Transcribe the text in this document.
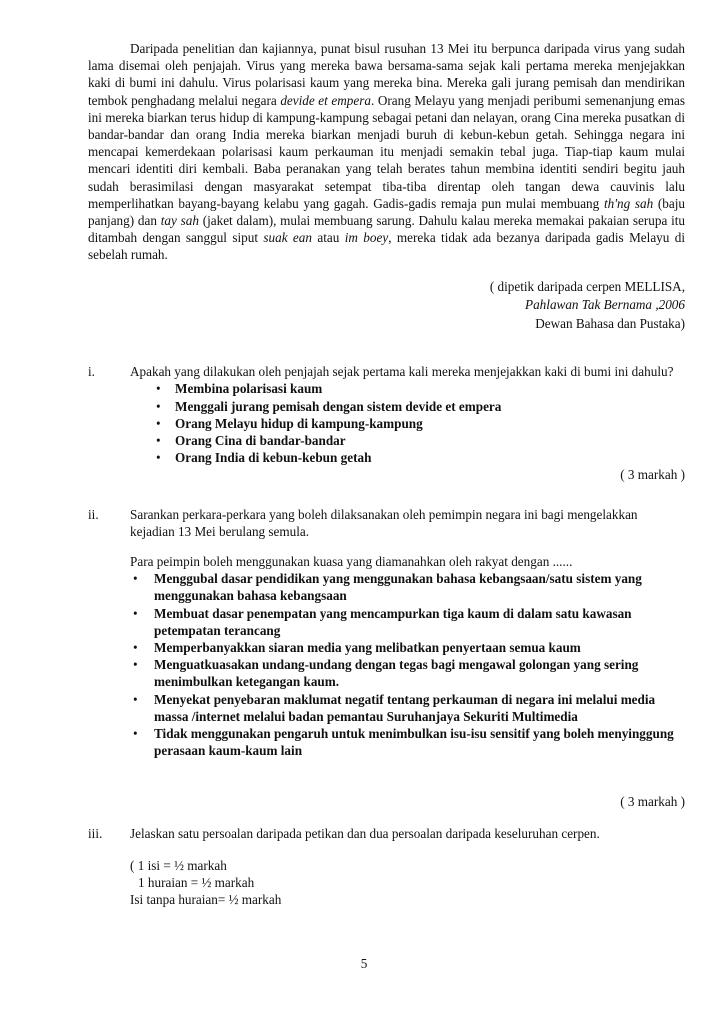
Daripada penelitian dan kajiannya, punat bisul rusuhan 13 Mei itu berpunca daripada virus yang sudah lama disemai oleh penjajah. Virus yang mereka bawa bersama-sama sejak kali pertama mereka menjejakkan kaki di bumi ini dahulu. Virus polarisasi kaum yang mereka bina. Mereka gali jurang pemisah dan mendirikan tembok penghadang melalui negara devide et empera. Orang Melayu yang menjadi peribumi semenanjung emas ini mereka biarkan terus hidup di kampung-kampung sebagai petani dan nelayan, orang Cina mereka pusatkan di bandar-bandar dan orang India mereka biarkan menjadi buruh di kebun-kebun getah. Sehingga negara ini mencapai kemerdekaan polarisasi kaum perkauman itu menjadi semakin tebal juga. Tiap-tiap kaum mulai mencari identiti diri kembali. Baba peranakan yang telah berates tahun membina identiti sendiri begitu jauh sudah berasimilasi dengan masyarakat setempat tiba-tiba direntap oleh tangan dewa cauvinis lalu memperlihatkan bayang-bayang kelabu yang gagah. Gadis-gadis remaja pun mulai membuang th'ng sah (baju panjang) dan tay sah (jaket dalam), mulai membuang sarung. Dahulu kalau mereka memakai pakaian serupa itu ditambah dengan sanggul siput suak ean atau im boey, mereka tidak ada bezanya daripada gadis Melayu di sebelah rumah.

( dipetik daripada cerpen MELLISA,
Pahlawan Tak Bernama ,2006
Dewan Bahasa dan Pustaka)
i.	Apakah yang dilakukan oleh penjajah sejak pertama kali mereka menjejakkan kaki di bumi ini dahulu?

• Membina polarisasi kaum
• Menggali jurang pemisah dengan sistem devide et empera
• Orang Melayu hidup di kampung-kampung
• Orang Cina di bandar-bandar
• Orang India di kebun-kebun getah
( 3 markah )
ii.	Sarankan perkara-perkara yang boleh dilaksanakan oleh pemimpin negara ini bagi mengelakkan kejadian 13 Mei berulang semula.

Para peimpin boleh menggunakan kuasa yang diamanahkan oleh rakyat dengan ......

• Menggubal dasar pendidikan yang menggunakan bahasa kebangsaan/satu sistem yang menggunakan bahasa kebangsaan
• Membuat dasar penempatan yang mencampurkan tiga kaum di dalam satu kawasan petempatan terancang
• Memperbanyakkan siaran media yang melibatkan penyertaan semua kaum
• Menguatkuasakan undang-undang dengan tegas bagi mengawal golongan yang sering menimbulkan ketegangan kaum.
• Menyekat penyebaran maklumat negatif tentang perkauman di negara ini melalui media massa /internet melalui badan pemantau Suruhanjaya Sekuriti Multimedia
• Tidak menggunakan pengaruh untuk menimbulkan isu-isu sensitif yang boleh menyinggung perasaan kaum-kaum lain
( 3 markah )
iii.	Jelaskan satu persoalan daripada petikan dan dua persoalan daripada keseluruhan cerpen.

( 1 isi = ½ markah
1 huraian = ½ markah
Isi tanpa huraian= ½ markah
5
